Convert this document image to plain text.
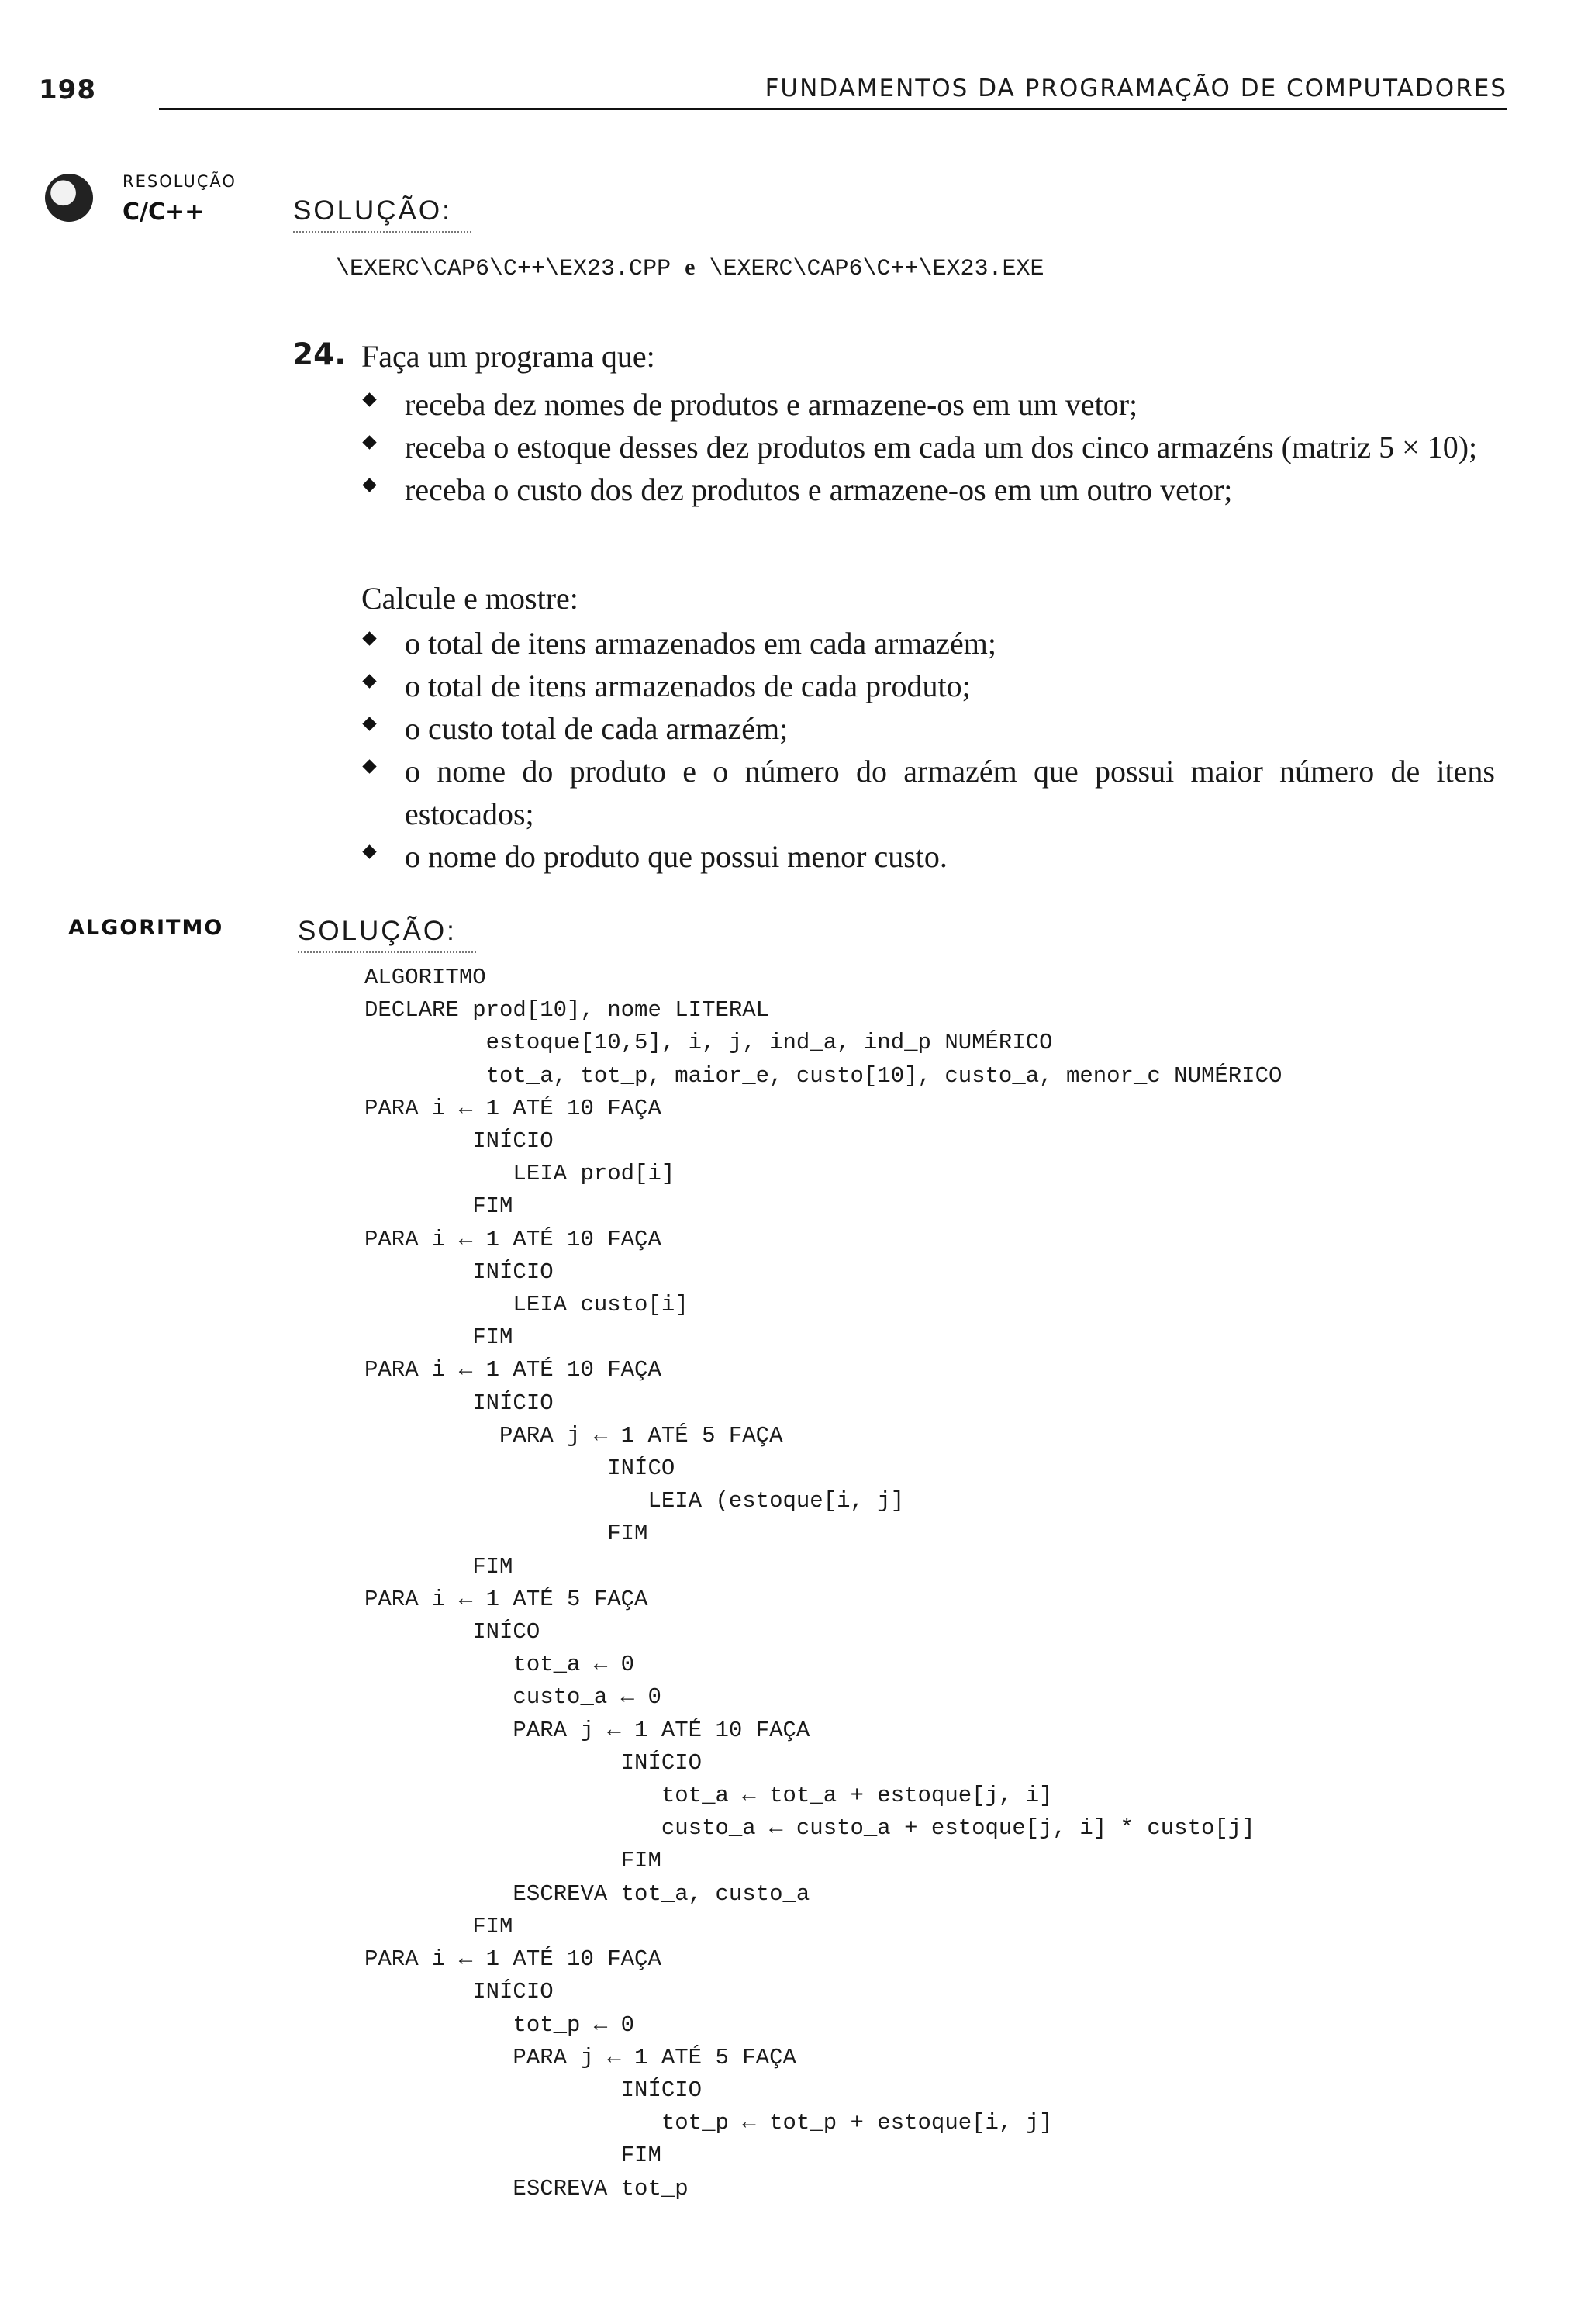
198	FUNDAMENTOS DA PROGRAMAÇÃO DE COMPUTADORES
RESOLUÇÃO
C/C++	SOLUÇÃO:
\EXERC\CAP6\C++\EX23.CPP e \EXERC\CAP6\C++\EX23.EXE
24. Faça um programa que:
receba dez nomes de produtos e armazene-os em um vetor;
receba o estoque desses dez produtos em cada um dos cinco armazéns (matriz 5 × 10);
receba o custo dos dez produtos e armazene-os em um outro vetor;
Calcule e mostre:
o total de itens armazenados em cada armazém;
o total de itens armazenados de cada produto;
o custo total de cada armazém;
o nome do produto e o número do armazém que possui maior número de itens estocados;
o nome do produto que possui menor custo.
ALGORITMO	SOLUÇÃO:
ALGORITMO
DECLARE prod[10], nome LITERAL
estoque[10,5], i, j, ind_a, ind_p NUMÉRICO
tot_a, tot_p, maior_e, custo[10], custo_a, menor_c NUMÉRICO
PARA i ← 1 ATÉ 10 FAÇA
INÍCIO
LEIA prod[i]
FIM
PARA i ← 1 ATÉ 10 FAÇA
INÍCIO
LEIA custo[i]
FIM
PARA i ← 1 ATÉ 10 FAÇA
INÍCIO
PARA j ← 1 ATÉ 5 FAÇA
INÍCO
LEIA (estoque[i, j]
FIM
FIM
PARA i ← 1 ATÉ 5 FAÇA
INÍCO
tot_a ← 0
custo_a ← 0
PARA j ← 1 ATÉ 10 FAÇA
INÍCIO
tot_a ← tot_a + estoque[j, i]
custo_a ← custo_a + estoque[j, i] * custo[j]
FIM
ESCREVA tot_a, custo_a
FIM
PARA i ← 1 ATÉ 10 FAÇA
INÍCIO
tot_p ← 0
PARA j ← 1 ATÉ 5 FAÇA
INÍCIO
tot_p ← tot_p + estoque[i, j]
FIM
ESCREVA tot_p
